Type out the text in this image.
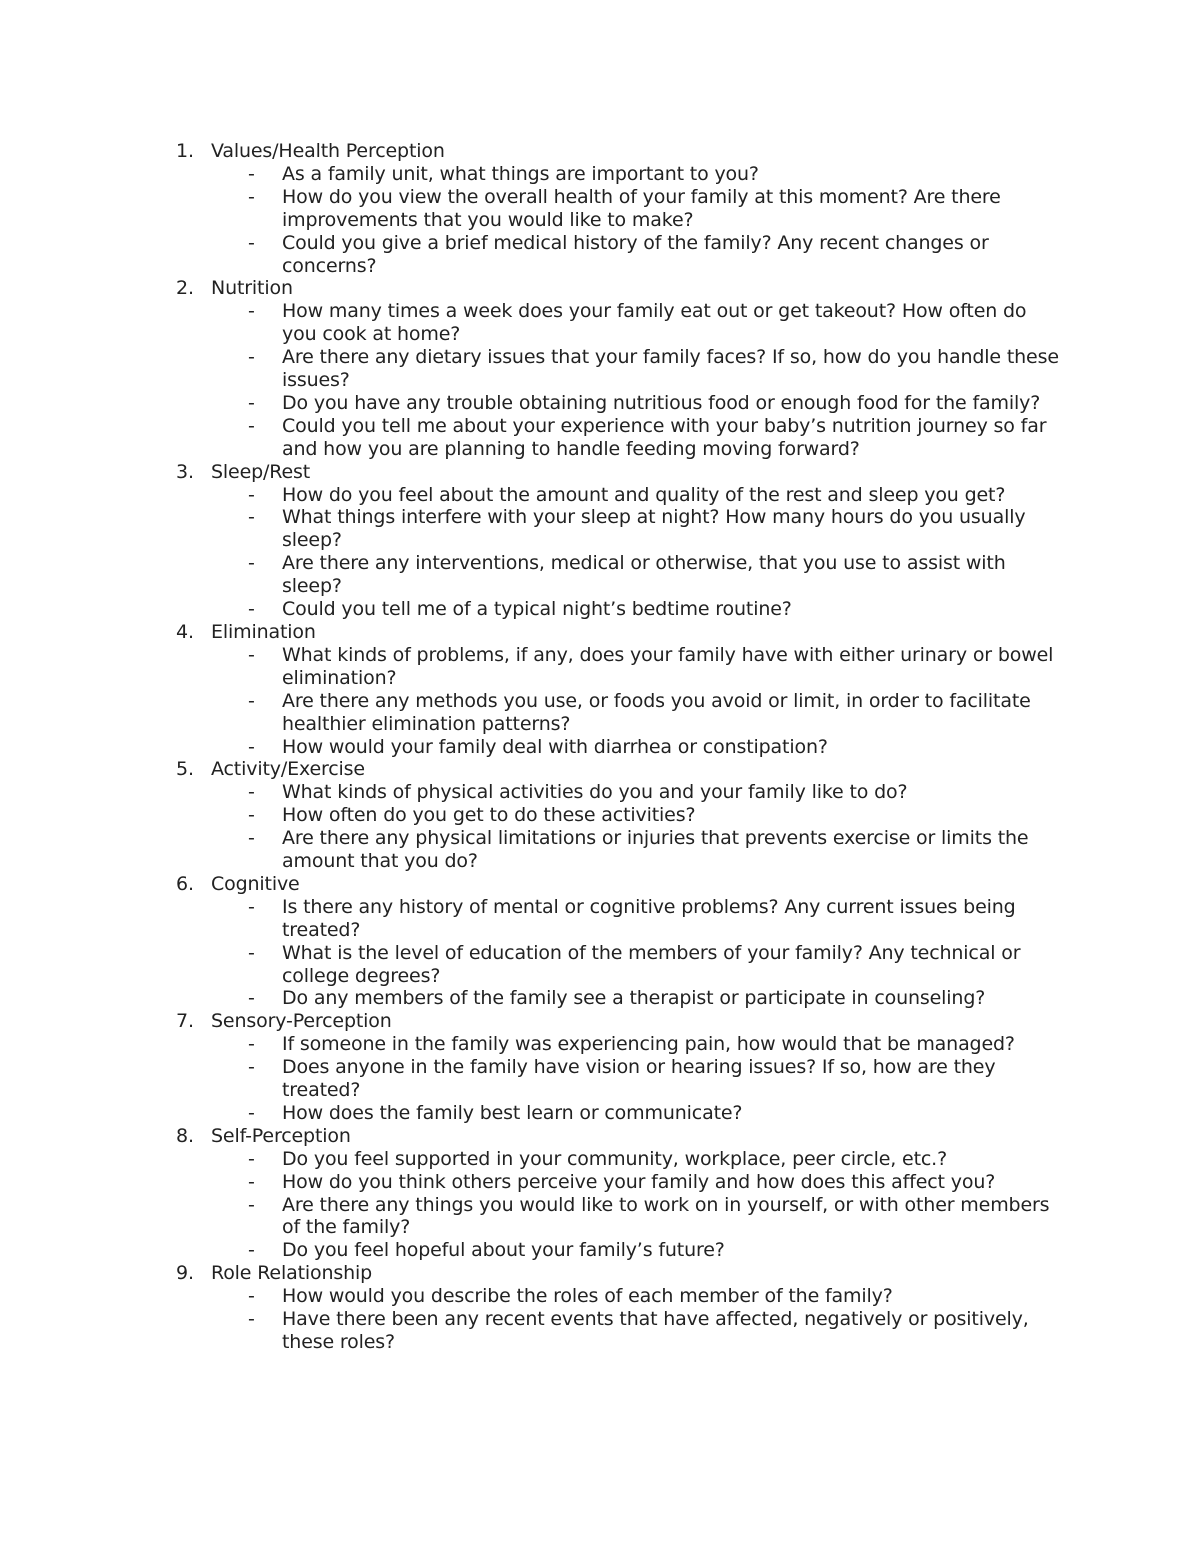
1. Values/Health Perception
- As a family unit, what things are important to you?
- How do you view the overall health of your family at this moment? Are there improvements that you would like to make?
- Could you give a brief medical history of the family? Any recent changes or concerns?
2. Nutrition
- How many times a week does your family eat out or get takeout? How often do you cook at home?
- Are there any dietary issues that your family faces? If so, how do you handle these issues?
- Do you have any trouble obtaining nutritious food or enough food for the family?
- Could you tell me about your experience with your baby’s nutrition journey so far and how you are planning to handle feeding moving forward?
3. Sleep/Rest
- How do you feel about the amount and quality of the rest and sleep you get?
- What things interfere with your sleep at night? How many hours do you usually sleep?
- Are there any interventions, medical or otherwise, that you use to assist with sleep?
- Could you tell me of a typical night’s bedtime routine?
4. Elimination
- What kinds of problems, if any, does your family have with either urinary or bowel elimination?
- Are there any methods you use, or foods you avoid or limit, in order to facilitate healthier elimination patterns?
- How would your family deal with diarrhea or constipation?
5. Activity/Exercise
- What kinds of physical activities do you and your family like to do?
- How often do you get to do these activities?
- Are there any physical limitations or injuries that prevents exercise or limits the amount that you do?
6. Cognitive
- Is there any history of mental or cognitive problems? Any current issues being treated?
- What is the level of education of the members of your family? Any technical or college degrees?
- Do any members of the family see a therapist or participate in counseling?
7. Sensory-Perception
- If someone in the family was experiencing pain, how would that be managed?
- Does anyone in the family have vision or hearing issues? If so, how are they treated?
- How does the family best learn or communicate?
8. Self-Perception
- Do you feel supported in your community, workplace, peer circle, etc.?
- How do you think others perceive your family and how does this affect you?
- Are there any things you would like to work on in yourself, or with other members of the family?
- Do you feel hopeful about your family’s future?
9. Role Relationship
- How would you describe the roles of each member of the family?
- Have there been any recent events that have affected, negatively or positively, these roles?
